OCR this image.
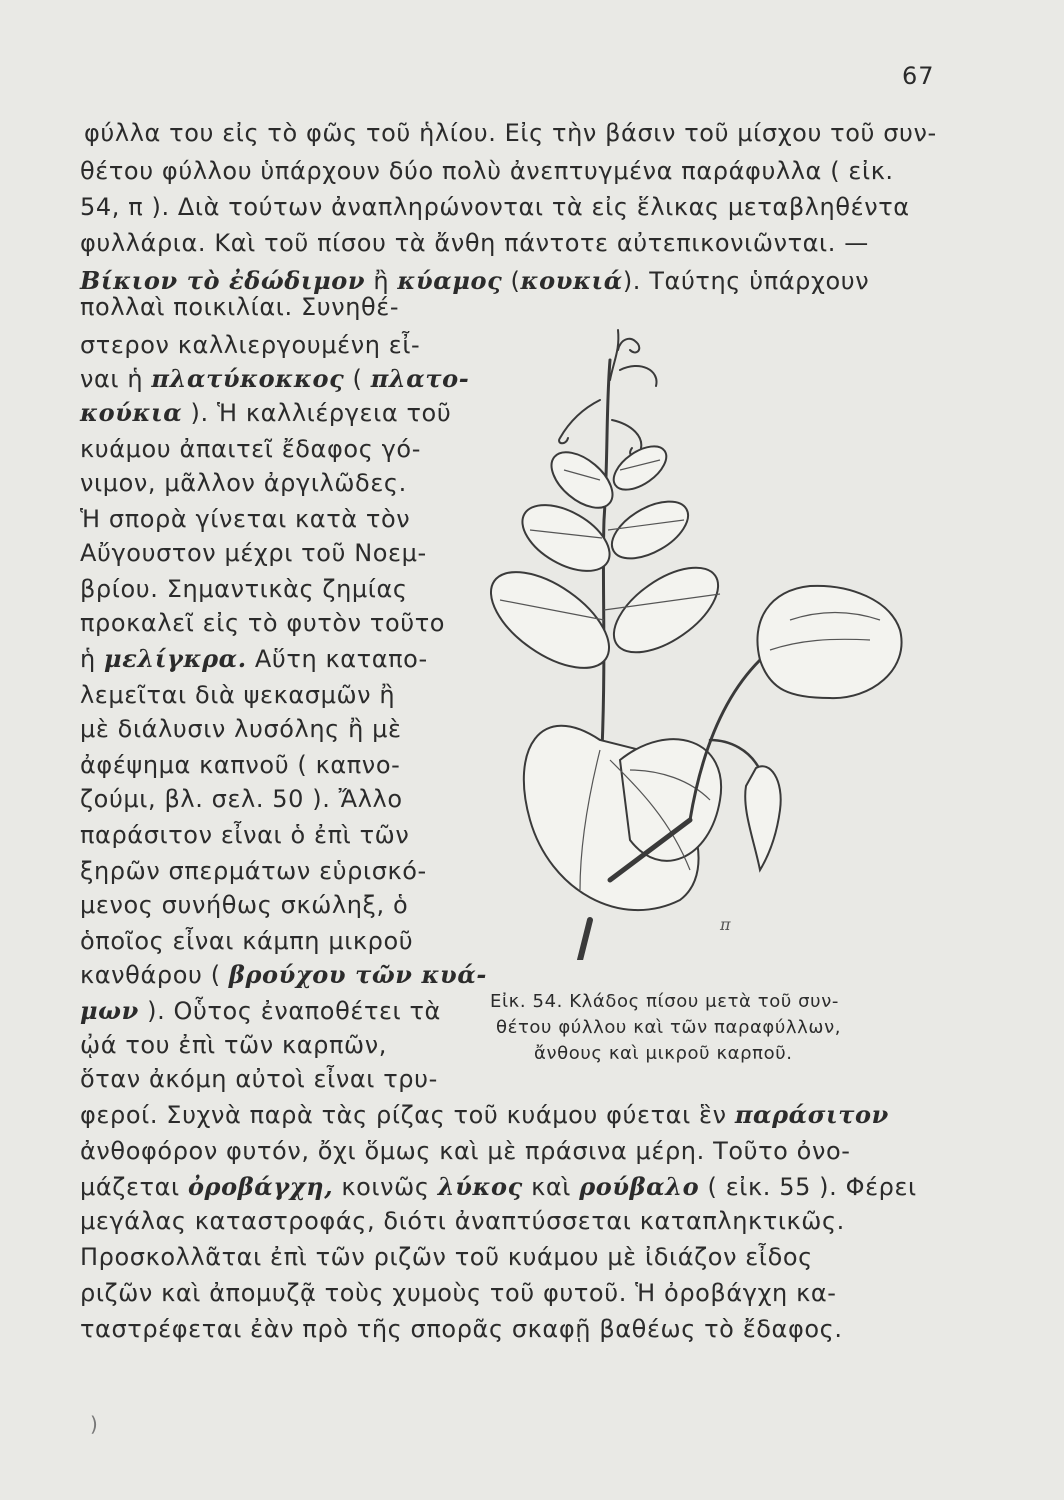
67
φύλλα του εἰς τὸ φῶς τοῦ ἡλίου. Εἰς τὴν βάσιν τοῦ μίσχου τοῦ συν-
θέτου φύλλου ὑπάρχουν δύο πολὺ ἀνεπτυγμένα παράφυλλα ( εἰκ.
54, π ). Διὰ τούτων ἀναπληρώνονται τὰ εἰς ἕλικας μεταβληθέντα
φυλλάρια. Καὶ τοῦ πίσου τὰ ἄνθη πάντοτε αὐτεπικονιῶνται. —
Βίκιον τὸ ἐδώδιμον ἢ κύαμος (κουκιά). Ταύτης ὑπάρχουν
πολλαὶ ποικιλίαι. Συνηθέ-
στερον καλλιεργουμένη εἶ-
ναι ἡ πλατύκοκκος ( πλατο-
κούκια ). Ἡ καλλιέργεια τοῦ
κυάμου ἀπαιτεῖ ἔδαφος γό-
νιμον, μᾶλλον ἀργιλῶδες.
Ἡ σπορὰ γίνεται κατὰ τὸν
Αὔγουστον μέχρι τοῦ Νοεμ-
βρίου. Σημαντικὰς ζημίας
προκαλεῖ εἰς τὸ φυτὸν τοῦτο
ἡ μελίγκρα. Αὕτη καταπο-
λεμεῖται διὰ ψεκασμῶν ἢ
μὲ διάλυσιν λυσόλης ἢ μὲ
ἀφέψημα καπνοῦ ( καπνο-
ζούμι, βλ. σελ. 50 ). Ἄλλο
παράσιτον εἶναι ὁ ἐπὶ τῶν
ξηρῶν σπερμάτων εὑρισκό-
μενος συνήθως σκώληξ, ὁ
ὁποῖος εἶναι κάμπη μικροῦ
κανθάρου ( βρούχου τῶν κυά-
μων ). Οὗτος ἐναποθέτει τὰ
ᾠά του ἐπὶ τῶν καρπῶν,
ὅταν ἀκόμη αὐτοὶ εἶναι τρυ-
φεροί. Συχνὰ παρὰ τὰς ρίζας τοῦ κυάμου φύεται ἓν παράσιτον
ἀνθοφόρον φυτόν, ὄχι ὅμως καὶ μὲ πράσινα μέρη. Τοῦτο ὀνο-
μάζεται ὀροβάγχη, κοινῶς λύκος καὶ ρούβαλο ( εἰκ. 55 ). Φέρει
μεγάλας καταστροφάς, διότι ἀναπτύσσεται καταπληκτικῶς.
Προσκολλᾶται ἐπὶ τῶν ριζῶν τοῦ κυάμου μὲ ἰδιάζον εἶδος
ριζῶν καὶ ἀπομυζᾷ τοὺς χυμοὺς τοῦ φυτοῦ. Ἡ ὀροβάγχη κα-
ταστρέφεται ἐὰν πρὸ τῆς σπορᾶς σκαφῇ βαθέως τὸ ἔδαφος.
π
Εἰκ. 54. Κλάδος πίσου μετὰ τοῦ συν-
θέτου φύλλου καὶ τῶν παραφύλλων,
ἄνθους καὶ μικροῦ καρποῦ.
)
